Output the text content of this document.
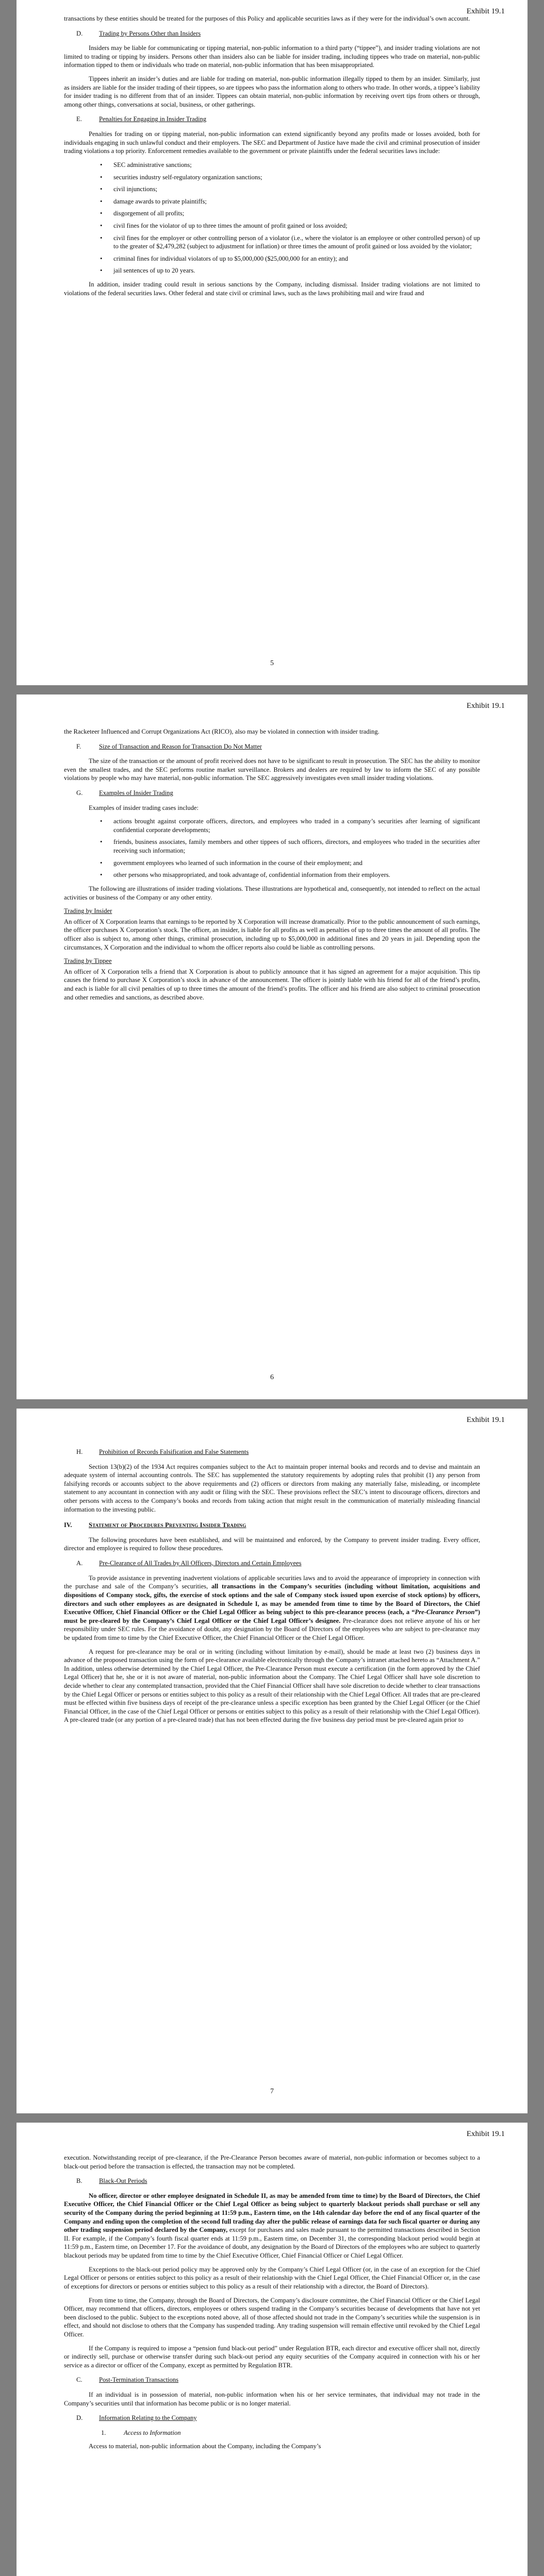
Exhibit 19.1

transactions by these entities should be treated for the purposes of this Policy and applicable securities laws as if they were for the individual’s own account.

D.	Trading by Persons Other than Insiders

Insiders may be liable for communicating or tipping material, non-public information to a third party (“tippee”), and insider trading violations are not limited to trading or tipping by insiders. Persons other than insiders also can be liable for insider trading, including tippees who trade on material, non-public information tipped to them or individuals who trade on material, non-public information that has been misappropriated.

Tippees inherit an insider’s duties and are liable for trading on material, non-public information illegally tipped to them by an insider. Similarly, just as insiders are liable for the insider trading of their tippees, so are tippees who pass the information along to others who trade. In other words, a tippee’s liability for insider trading is no different from that of an insider. Tippees can obtain material, non-public information by receiving overt tips from others or through, among other things, conversations at social, business, or other gatherings.

E.	Penalties for Engaging in Insider Trading

Penalties for trading on or tipping material, non-public information can extend significantly beyond any profits made or losses avoided, both for individuals engaging in such unlawful conduct and their employers. The SEC and Department of Justice have made the civil and criminal prosecution of insider trading violations a top priority. Enforcement remedies available to the government or private plaintiffs under the federal securities laws include:

• SEC administrative sanctions;
• securities industry self-regulatory organization sanctions;
• civil injunctions;
• damage awards to private plaintiffs;
• disgorgement of all profits;
• civil fines for the violator of up to three times the amount of profit gained or loss avoided;
• civil fines for the employer or other controlling person of a violator (i.e., where the violator is an employee or other controlled person) of up to the greater of $2,479,282 (subject to adjustment for inflation) or three times the amount of profit gained or loss avoided by the violator;
• criminal fines for individual violators of up to $5,000,000 ($25,000,000 for an entity); and
• jail sentences of up to 20 years.

In addition, insider trading could result in serious sanctions by the Company, including dismissal. Insider trading violations are not limited to violations of the federal securities laws. Other federal and state civil or criminal laws, such as the laws prohibiting mail and wire fraud and

5
Exhibit 19.1

the Racketeer Influenced and Corrupt Organizations Act (RICO), also may be violated in connection with insider trading.

F.	Size of Transaction and Reason for Transaction Do Not Matter

The size of the transaction or the amount of profit received does not have to be significant to result in prosecution. The SEC has the ability to monitor even the smallest trades, and the SEC performs routine market surveillance. Brokers and dealers are required by law to inform the SEC of any possible violations by people who may have material, non-public information. The SEC aggressively investigates even small insider trading violations.

G.	Examples of Insider Trading

Examples of insider trading cases include:

• actions brought against corporate officers, directors, and employees who traded in a company’s securities after learning of significant confidential corporate developments;
• friends, business associates, family members and other tippees of such officers, directors, and employees who traded in the securities after receiving such information;
• government employees who learned of such information in the course of their employment; and
• other persons who misappropriated, and took advantage of, confidential information from their employers.

The following are illustrations of insider trading violations. These illustrations are hypothetical and, consequently, not intended to reflect on the actual activities or business of the Company or any other entity.

Trading by Insider

An officer of X Corporation learns that earnings to be reported by X Corporation will increase dramatically. Prior to the public announcement of such earnings, the officer purchases X Corporation’s stock. The officer, an insider, is liable for all profits as well as penalties of up to three times the amount of all profits. The officer also is subject to, among other things, criminal prosecution, including up to $5,000,000 in additional fines and 20 years in jail. Depending upon the circumstances, X Corporation and the individual to whom the officer reports also could be liable as controlling persons.

Trading by Tippee

An officer of X Corporation tells a friend that X Corporation is about to publicly announce that it has signed an agreement for a major acquisition. This tip causes the friend to purchase X Corporation’s stock in advance of the announcement. The officer is jointly liable with his friend for all of the friend’s profits, and each is liable for all civil penalties of up to three times the amount of the friend’s profits. The officer and his friend are also subject to criminal prosecution and other remedies and sanctions, as described above.

6
Exhibit 19.1
H.	Prohibition of Records Falsification and False Statements

Section 13(b)(2) of the 1934 Act requires companies subject to the Act to maintain proper internal books and records and to devise and maintain an adequate system of internal accounting controls. The SEC has supplemented the statutory requirements by adopting rules that prohibit (1) any person from falsifying records or accounts subject to the above requirements and (2) officers or directors from making any materially false, misleading, or incomplete statement to any accountant in connection with any audit or filing with the SEC. These provisions reflect the SEC’s intent to discourage officers, directors and other persons with access to the Company’s books and records from taking action that might result in the communication of materially misleading financial information to the investing public.

IV.	Statement of Procedures Preventing Insider Trading

The following procedures have been established, and will be maintained and enforced, by the Company to prevent insider trading. Every officer, director and employee is required to follow these procedures.

A.	Pre-Clearance of All Trades by All Officers, Directors and Certain Employees

To provide assistance in preventing inadvertent violations of applicable securities laws and to avoid the appearance of impropriety in connection with the purchase and sale of the Company’s securities, all transactions in the Company’s securities (including without limitation, acquisitions and dispositions of Company stock, gifts, the exercise of stock options and the sale of Company stock issued upon exercise of stock options) by officers, directors and such other employees as are designated in Schedule I, as may be amended from time to time by the Board of Directors, the Chief Executive Officer, Chief Financial Officer or the Chief Legal Officer as being subject to this pre-clearance process (each, a “Pre-Clearance Person”) must be pre-cleared by the Company’s Chief Legal Officer or the Chief Legal Officer’s designee. Pre-clearance does not relieve anyone of his or her responsibility under SEC rules. For the avoidance of doubt, any designation by the Board of Directors of the employees who are subject to pre-clearance may be updated from time to time by the Chief Executive Officer, the Chief Financial Officer or the Chief Legal Officer.

A request for pre-clearance may be oral or in writing (including without limitation by e-mail), should be made at least two (2) business days in advance of the proposed transaction using the form of pre-clearance available electronically through the Company’s intranet attached hereto as “Attachment A.” In addition, unless otherwise determined by the Chief Legal Officer, the Pre-Clearance Person must execute a certification (in the form approved by the Chief Legal Officer) that he, she or it is not aware of material, non-public information about the Company. The Chief Legal Officer shall have sole discretion to decide whether to clear any contemplated transaction, provided that the Chief Financial Officer shall have sole discretion to decide whether to clear transactions by the Chief Legal Officer or persons or entities subject to this policy as a result of their relationship with the Chief Legal Officer. All trades that are pre-cleared must be effected within five business days of receipt of the pre-clearance unless a specific exception has been granted by the Chief Legal Officer (or the Chief Financial Officer, in the case of the Chief Legal Officer or persons or entities subject to this policy as a result of their relationship with the Chief Legal Officer). A pre-cleared trade (or any portion of a pre-cleared trade) that has not been effected during the five business day period must be pre-cleared again prior to

7
Exhibit 19.1

execution. Notwithstanding receipt of pre-clearance, if the Pre-Clearance Person becomes aware of material, non-public information or becomes subject to a black-out period before the transaction is effected, the transaction may not be completed.

B.	Black-Out Periods

No officer, director or other employee designated in Schedule II, as may be amended from time to time) by the Board of Directors, the Chief Executive Officer, the Chief Financial Officer or the Chief Legal Officer as being subject to quarterly blackout periods shall purchase or sell any security of the Company during the period beginning at 11:59 p.m., Eastern time, on the 14th calendar day before the end of any fiscal quarter of the Company and ending upon the completion of the second full trading day after the public release of earnings data for such fiscal quarter or during any other trading suspension period declared by the Company, except for purchases and sales made pursuant to the permitted transactions described in Section II. For example, if the Company’s fourth fiscal quarter ends at 11:59 p.m., Eastern time, on December 31, the corresponding blackout period would begin at 11:59 p.m., Eastern time, on December 17. For the avoidance of doubt, any designation by the Board of Directors of the employees who are subject to quarterly blackout periods may be updated from time to time by the Chief Executive Officer, Chief Financial Officer or Chief Legal Officer.

Exceptions to the black-out period policy may be approved only by the Company’s Chief Legal Officer (or, in the case of an exception for the Chief Legal Officer or persons or entities subject to this policy as a result of their relationship with the Chief Legal Officer, the Chief Financial Officer or, in the case of exceptions for directors or persons or entities subject to this policy as a result of their relationship with a director, the Board of Directors).

From time to time, the Company, through the Board of Directors, the Company’s disclosure committee, the Chief Financial Officer or the Chief Legal Officer, may recommend that officers, directors, employees or others suspend trading in the Company’s securities because of developments that have not yet been disclosed to the public. Subject to the exceptions noted above, all of those affected should not trade in the Company’s securities while the suspension is in effect, and should not disclose to others that the Company has suspended trading. Any trading suspension will remain effective until revoked by the Chief Legal Officer.

If the Company is required to impose a “pension fund black-out period” under Regulation BTR, each director and executive officer shall not, directly or indirectly sell, purchase or otherwise transfer during such black-out period any equity securities of the Company acquired in connection with his or her service as a director or officer of the Company, except as permitted by Regulation BTR.

C.	Post-Termination Transactions

If an individual is in possession of material, non-public information when his or her service terminates, that individual may not trade in the Company’s securities until that information has become public or is no longer material.

D.	Information Relating to the Company
1.	Access to Information

Access to material, non-public information about the Company, including the Company’s
